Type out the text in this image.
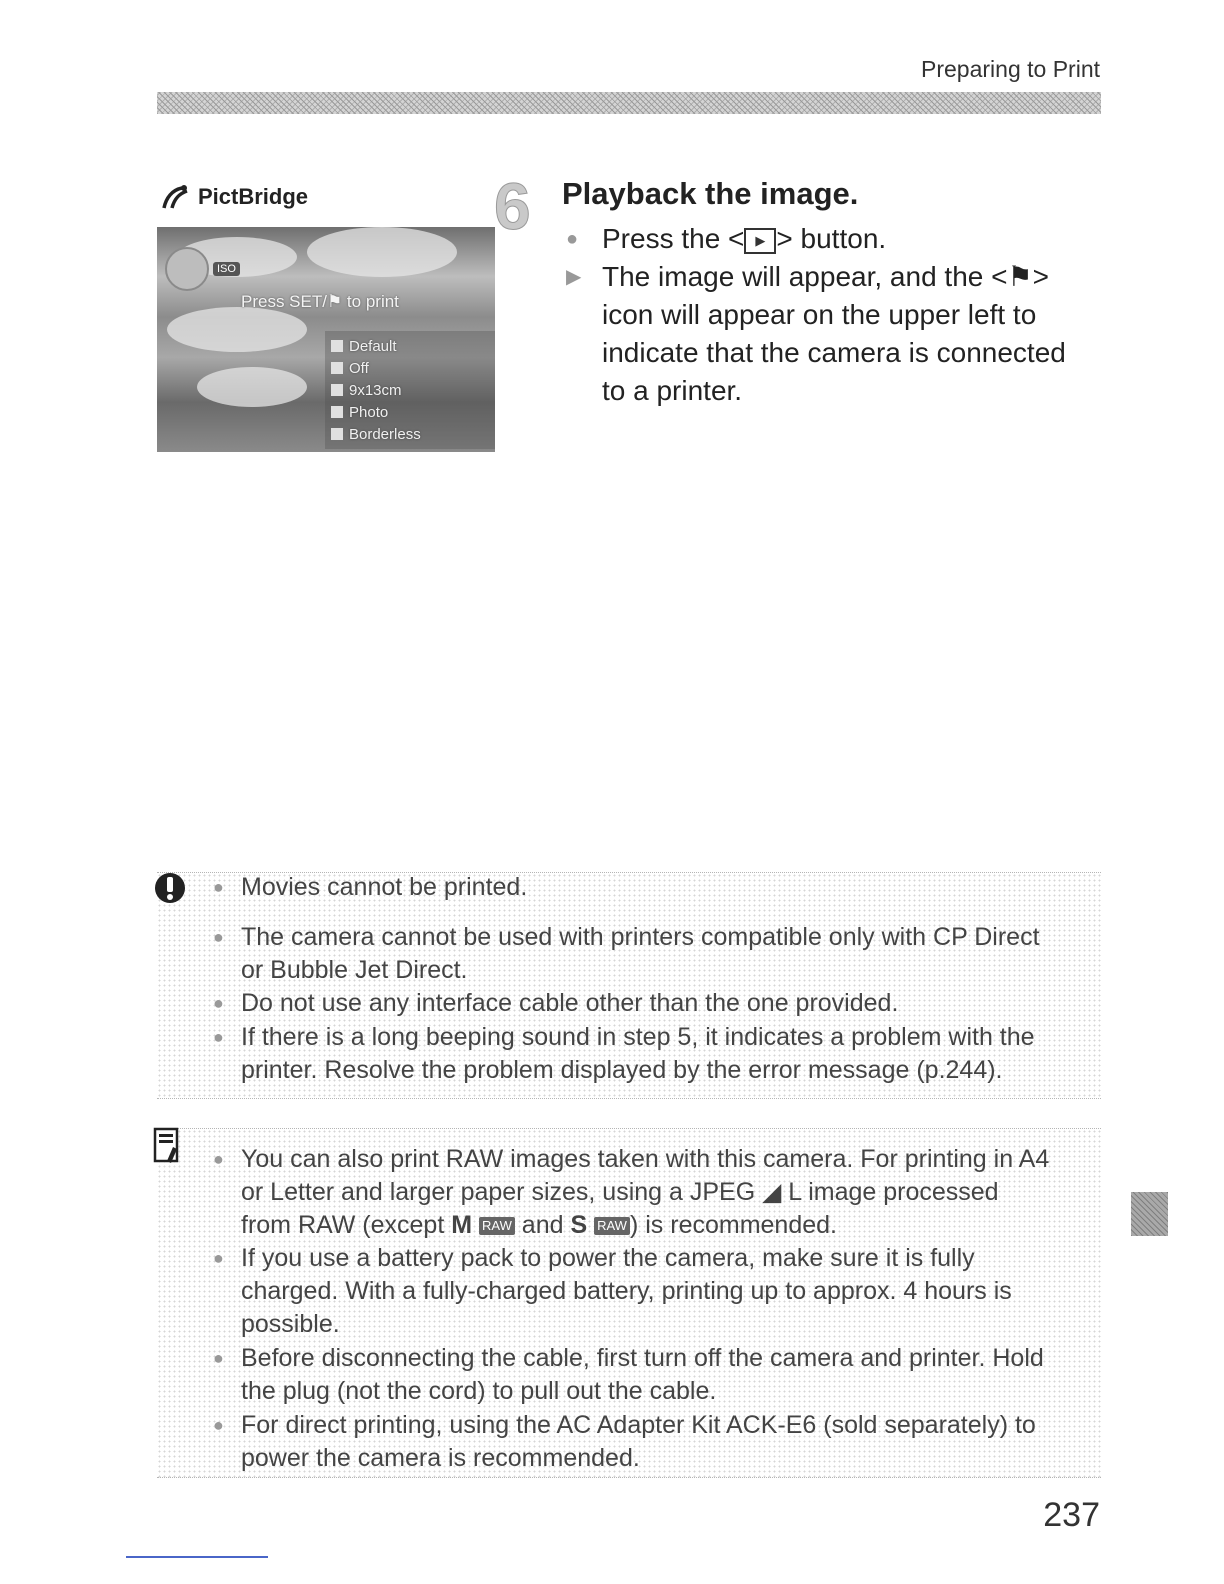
Preparing to Print
PictBridge
ISO
Press SET/⚑ to print
Default
Off
9x13cm
Photo
Borderless
6 Playback the image.
● Press the < ▶ > button.
▶ The image will appear, and the <⚑>
icon will appear on the upper left to
indicate that the camera is connected
to a printer.
● Movies cannot be printed.
● The camera cannot be used with printers compatible only with CP Direct
or Bubble Jet Direct.
● Do not use any interface cable other than the one provided.
● If there is a long beeping sound in step 5, it indicates a problem with the
printer. Resolve the problem displayed by the error message (p.244).
● You can also print RAW images taken with this camera. For printing in A4
or Letter and larger paper sizes, using a JPEG ◢ L image processed
from RAW (except M RAW and S RAW ) is recommended.
● If you use a battery pack to power the camera, make sure it is fully
charged. With a fully-charged battery, printing up to approx. 4 hours is
possible.
● Before disconnecting the cable, first turn off the camera and printer. Hold
the plug (not the cord) to pull out the cable.
● For direct printing, using the AC Adapter Kit ACK-E6 (sold separately) to
power the camera is recommended.
237
